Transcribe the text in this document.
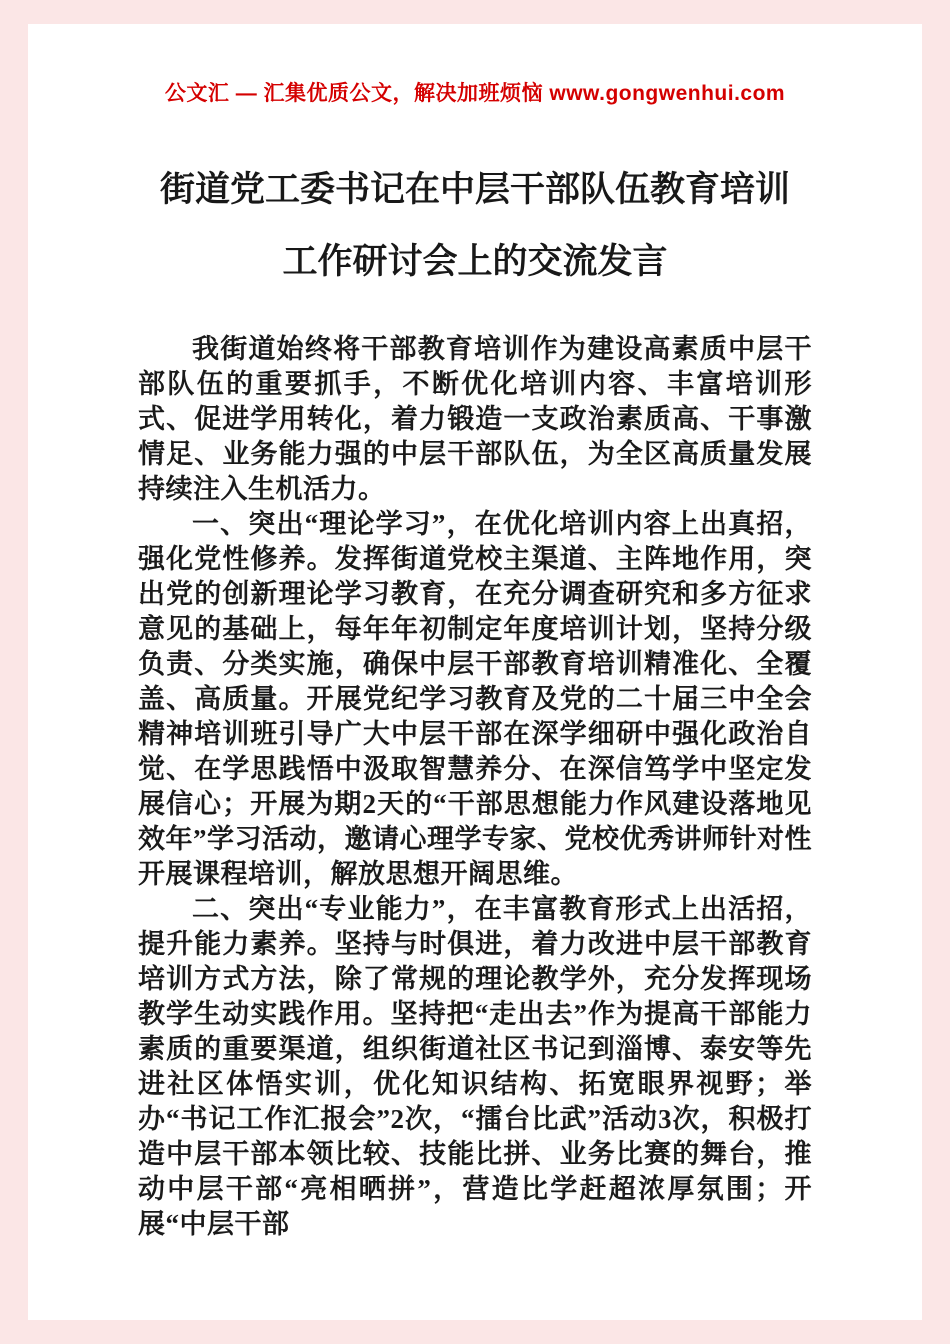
公文汇 — 汇集优质公文，解决加班烦恼 www.gongwenhui.com
街道党工委书记在中层干部队伍教育培训
工作研讨会上的交流发言

我街道始终将干部教育培训作为建设高素质中层干部队伍的重要抓手，不断优化培训内容、丰富培训形式、促进学用转化，着力锻造一支政治素质高、干事激情足、业务能力强的中层干部队伍，为全区高质量发展持续注入生机活力。

一、突出“理论学习”，在优化培训内容上出真招，强化党性修养。发挥街道党校主渠道、主阵地作用，突出党的创新理论学习教育，在充分调查研究和多方征求意见的基础上，每年年初制定年度培训计划，坚持分级负责、分类实施，确保中层干部教育培训精准化、全覆盖、高质量。开展党纪学习教育及党的二十届三中全会精神培训班引导广大中层干部在深学细研中强化政治自觉、在学思践悟中汲取智慧养分、在深信笃学中坚定发展信心；开展为期2天的“干部思想能力作风建设落地见效年”学习活动，邀请心理学专家、党校优秀讲师针对性开展课程培训，解放思想开阔思维。

二、突出“专业能力”，在丰富教育形式上出活招，提升能力素养。坚持与时俱进，着力改进中层干部教育培训方式方法，除了常规的理论教学外，充分发挥现场教学生动实践作用。坚持把“走出去”作为提高干部能力素质的重要渠道，组织街道社区书记到淄博、泰安等先进社区体悟实训，优化知识结构、拓宽眼界视野；举办“书记工作汇报会”2次，“擂台比武”活动3次，积极打造中层干部本领比较、技能比拼、业务比赛的舞台，推动中层干部“亮相晒拼”，营造比学赶超浓厚氛围；开展“中层干部
